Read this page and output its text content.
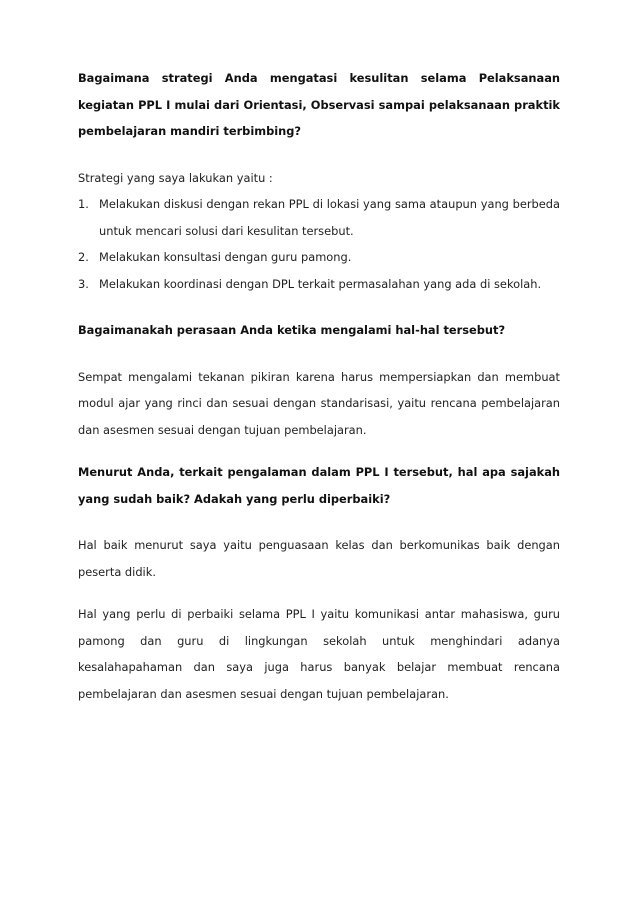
Bagaimana strategi Anda mengatasi kesulitan selama Pelaksanaan kegiatan PPL I mulai dari Orientasi, Observasi sampai pelaksanaan praktik pembelajaran mandiri terbimbing?

Strategi yang saya lakukan yaitu :

1. Melakukan diskusi dengan rekan PPL di lokasi yang sama ataupun yang berbeda untuk mencari solusi dari kesulitan tersebut.
2. Melakukan konsultasi dengan guru pamong.
3. Melakukan koordinasi dengan DPL terkait permasalahan yang ada di sekolah.

Bagaimanakah perasaan Anda ketika mengalami hal-hal tersebut?

Sempat mengalami tekanan pikiran karena harus mempersiapkan dan membuat modul ajar yang rinci dan sesuai dengan standarisasi, yaitu rencana pembelajaran dan asesmen sesuai dengan tujuan pembelajaran.

Menurut Anda, terkait pengalaman dalam PPL I tersebut, hal apa sajakah yang sudah baik? Adakah yang perlu diperbaiki?

Hal baik menurut saya yaitu penguasaan kelas dan berkomunikas baik dengan peserta didik.

Hal yang perlu di perbaiki selama PPL I yaitu komunikasi antar mahasiswa, guru pamong dan guru di lingkungan sekolah untuk menghindari adanya kesalahapahaman dan saya juga harus banyak belajar membuat rencana pembelajaran dan asesmen sesuai dengan tujuan pembelajaran.
